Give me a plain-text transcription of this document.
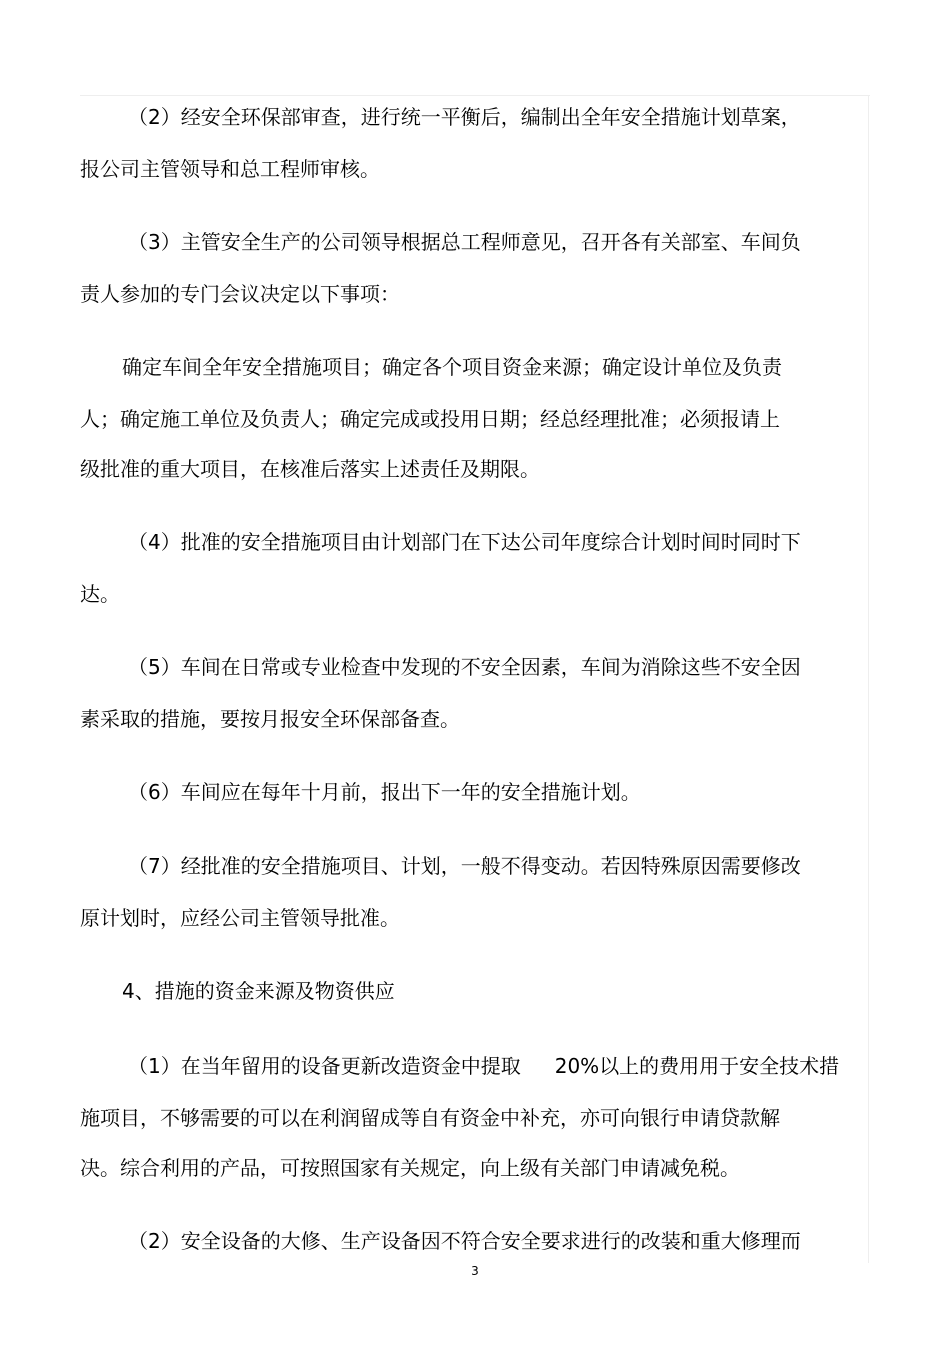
（2）经安全环保部审查，进行统一平衡后，编制出全年安全措施计划草案，
报公司主管领导和总工程师审核。
（3）主管安全生产的公司领导根据总工程师意见，召开各有关部室、车间负
责人参加的专门会议决定以下事项：
确定车间全年安全措施项目；确定各个项目资金来源；确定设计单位及负责
人；确定施工单位及负责人；确定完成或投用日期；经总经理批准；必须报请上
级批准的重大项目，在核准后落实上述责任及期限。
（4）批准的安全措施项目由计划部门在下达公司年度综合计划时间时同时下
达。
（5）车间在日常或专业检查中发现的不安全因素，车间为消除这些不安全因
素采取的措施，要按月报安全环保部备查。
（6）车间应在每年十月前，报出下一年的安全措施计划。
（7）经批准的安全措施项目、计划，一般不得变动。若因特殊原因需要修改
原计划时，应经公司主管领导批准。
4、措施的资金来源及物资供应
（1）在当年留用的设备更新改造资金中提取 20%以上的费用用于安全技术措
施项目，不够需要的可以在利润留成等自有资金中补充，亦可向银行申请贷款解
决。综合利用的产品，可按照国家有关规定，向上级有关部门申请减免税。
（2）安全设备的大修、生产设备因不符合安全要求进行的改装和重大修理而
3
